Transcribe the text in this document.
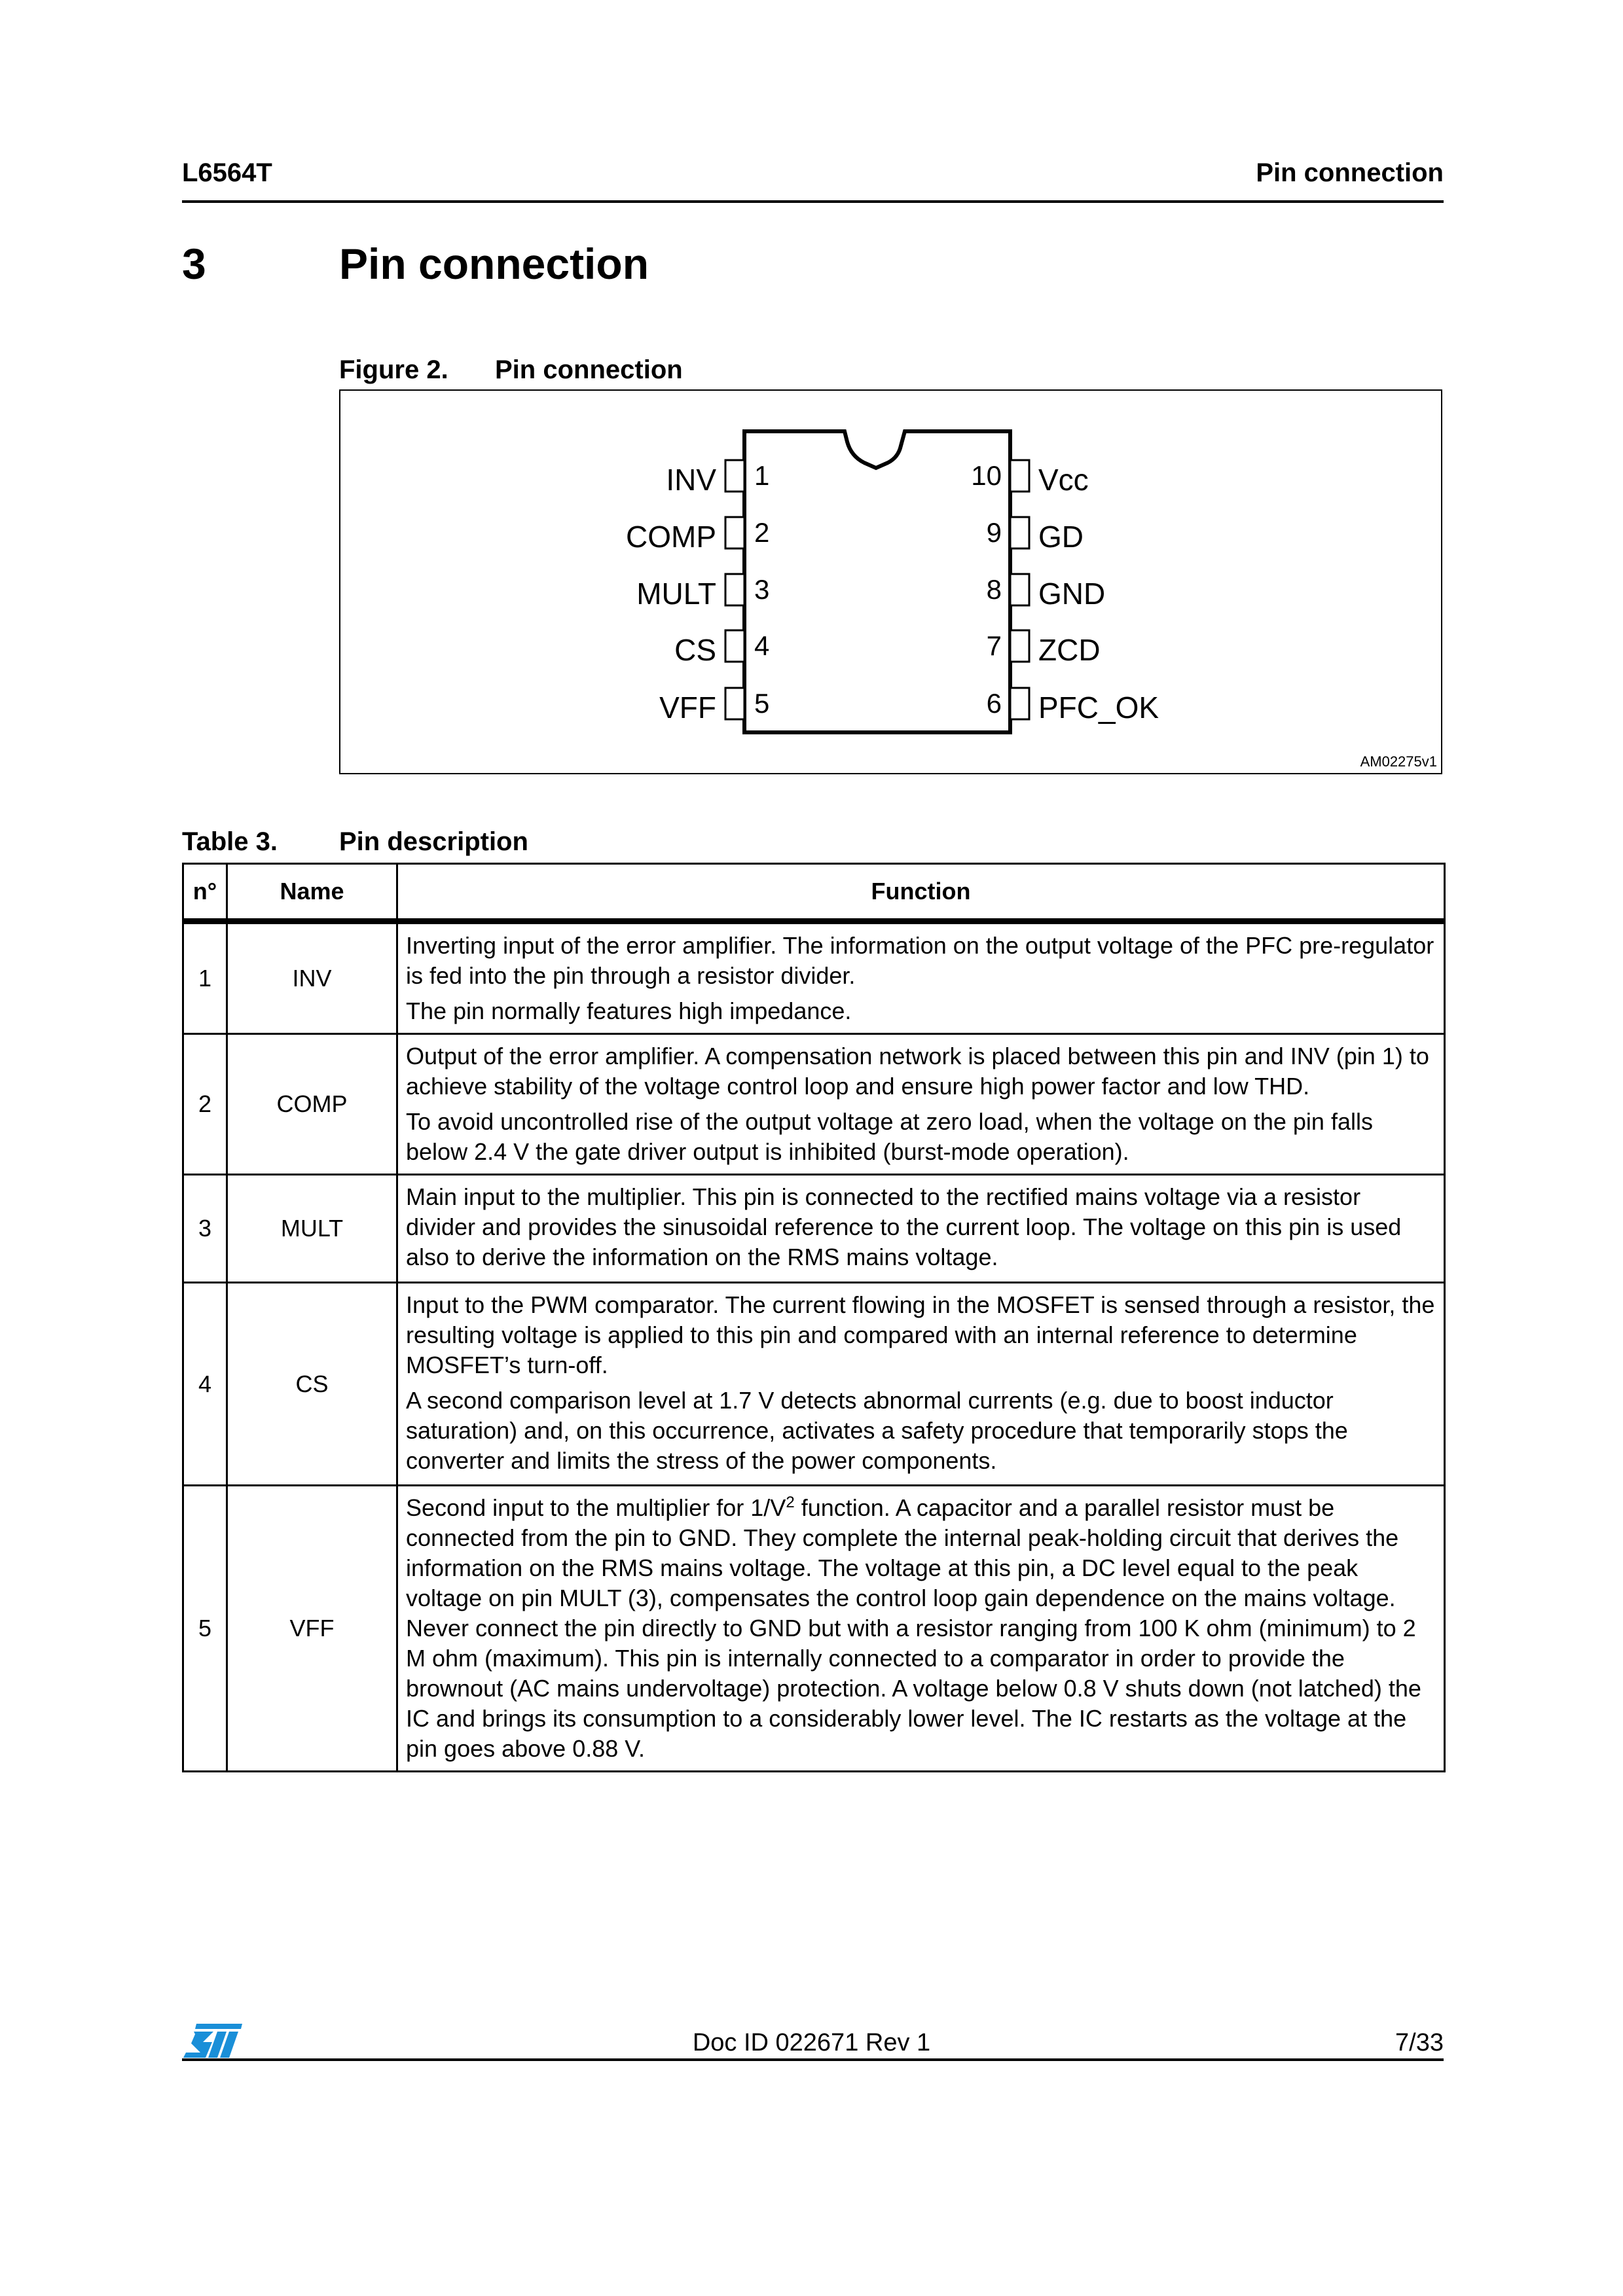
L6564T	Pin connection
3	Pin connection
Figure 2. Pin connection
1
INV
2
COMP
3
MULT
4
CS
5
VFF
10 Vcc
9 GD
8 GND
7 ZCD
6 PFC_OK
AM02275v1
Table 3. Pin description
n°	Name	Function
1	INV	Inverting input of the error amplifier. The information on the output voltage of the PFC pre-regulator is fed into the pin through a resistor divider.

The pin normally features high impedance.

2	COMP	Output of the error amplifier. A compensation network is placed between this pin and INV (pin 1) to achieve stability of the voltage control loop and ensure high power factor and low THD.

To avoid uncontrolled rise of the output voltage at zero load, when the voltage on the pin falls below 2.4 V the gate driver output is inhibited (burst-mode operation).

3	MULT	Main input to the multiplier. This pin is connected to the rectified mains voltage via a resistor divider and provides the sinusoidal reference to the current loop. The voltage on this pin is used also to derive the information on the RMS mains voltage.

4	CS	Input to the PWM comparator. The current flowing in the MOSFET is sensed through a resistor, the resulting voltage is applied to this pin and compared with an internal reference to determine MOSFET’s turn-off.

A second comparison level at 1.7 V detects abnormal currents (e.g. due to boost inductor saturation) and, on this occurrence, activates a safety procedure that temporarily stops the converter and limits the stress of the power components.

5	VFF	Second input to the multiplier for $1/V^2$ function. A capacitor and a parallel resistor must be connected from the pin to GND. They complete the internal peak-holding circuit that derives the information on the RMS mains voltage. The voltage at this pin, a DC level equal to the peak voltage on pin MULT (3), compensates the control loop gain dependence on the mains voltage. Never connect the pin directly to GND but with a resistor ranging from 100 K ohm (minimum) to 2 M ohm (maximum). This pin is internally connected to a comparator in order to provide the brownout (AC mains undervoltage) protection. A voltage below 0.8 V shuts down (not latched) the IC and brings its consumption to a considerably lower level. The IC restarts as the voltage at the pin goes above 0.88 V.

Doc ID 022671 Rev 1	7/33
